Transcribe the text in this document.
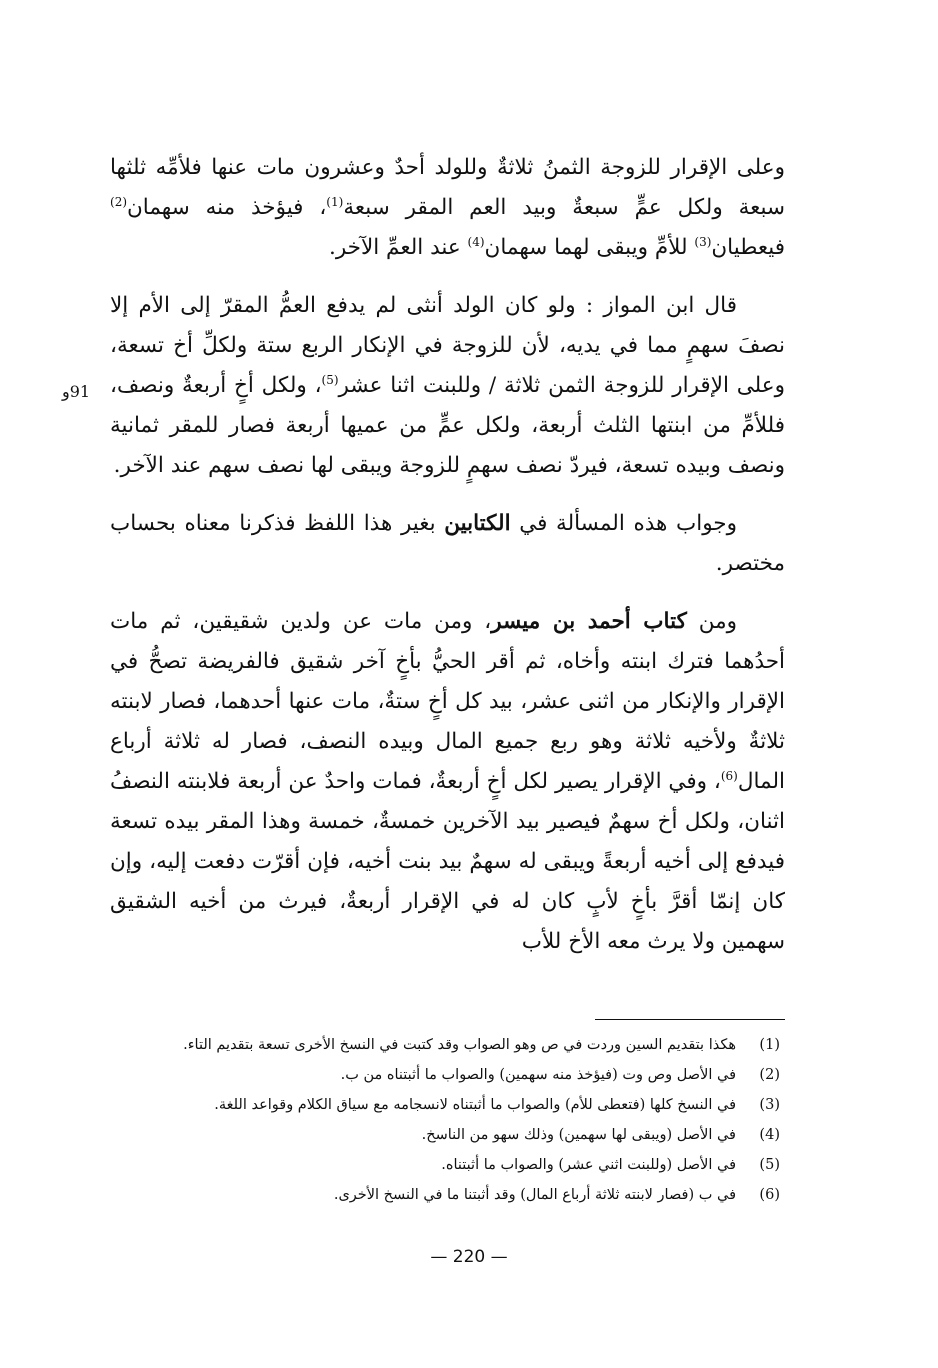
وعلى الإقرار للزوجة الثمنُ ثلاثةٌ وللولد أحدٌ وعشرون مات عنها فلأمِّه ثلثها سبعة ولكل عمٍّ سبعةٌ وبيد العم المقر سبعة$^{(1)}$، فيؤخذ منه سهمان$^{(2)}$ فيعطيان$^{(3)}$ للأمِّ ويبقى لهما سهمان$^{(4)}$ عند العمِّ الآخر.

قال ابن المواز : ولو كان الولد أنثى لم يدفع العمُّ المقرّ إلى الأم إلا نصفَ سهمٍ مما في يديه، لأن للزوجة في الإنكار الربع ستة ولكلِّ أخ تسعة، وعلى الإقرار للزوجة الثمن ثلاثة / وللبنت اثنا عشر$^{(5)}$، ولكل أخٍ أربعةٌ ونصف، فللأمِّ من ابنتها الثلث أربعة، ولكل عمٍّ من عميها أربعة فصار للمقر ثمانية ونصف وبيده تسعة، فيردّ نصف سهمٍ للزوجة ويبقى لها نصف سهم عند الآخر.

وجواب هذه المسألة في الكتابين بغير هذا اللفظ فذكرنا معناه بحساب مختصر.

ومن كتاب أحمد بن ميسر، ومن مات عن ولدين شقيقين، ثم مات أحدُهما فترك ابنته وأخاه، ثم أقر الحيُّ بأخٍ آخر شقيق فالفريضة تصحُّ في الإقرار والإنكار من اثنى عشر، بيد كل أخٍ ستةٌ، مات عنها أحدهما، فصار لابنته ثلاثةٌ ولأخيه ثلاثة وهو ربع جميع المال وبيده النصف، فصار له ثلاثة أرباع المال$^{(6)}$، وفي الإقرار يصير لكل أخٍ أربعةٌ، فمات واحدٌ عن أربعة فلابنته النصفُ اثنان، ولكل أخ سهمٌ فيصير بيد الآخرين خمسةٌ، خمسة وهذا المقر بيده تسعة فيدفع إلى أخيه أربعةً ويبقى له سهمٌ بيد بنت أخيه، فإن أقرّت دفعت إليه، وإن كان إنمّا أقرَّ بأخٍ لأبٍ كان له في الإقرار أربعةٌ، فيرث من أخيه الشقيق سهمين ولا يرث معه الأخ للأب

91و
(1)
هكذا بتقديم السين وردت في ص وهو الصواب وقد كتبت في النسخ الأخرى تسعة بتقديم التاء.
(2)
في الأصل وص وت (فيؤخذ منه سهمين) والصواب ما أثبتناه من ب.
(3)
في النسخ كلها (فتعطى للأم) والصواب ما أثبتناه لانسجامه مع سياق الكلام وقواعد اللغة.
(4)
في الأصل (ويبقى لها سهمين) وذلك سهو من الناسخ.
(5)
في الأصل (وللبنت اثني عشر) والصواب ما أثبتناه.
(6)
في ب (فصار لابنته ثلاثة أرباع المال) وقد أثبتنا ما في النسخ الأخرى.
— 220 —
